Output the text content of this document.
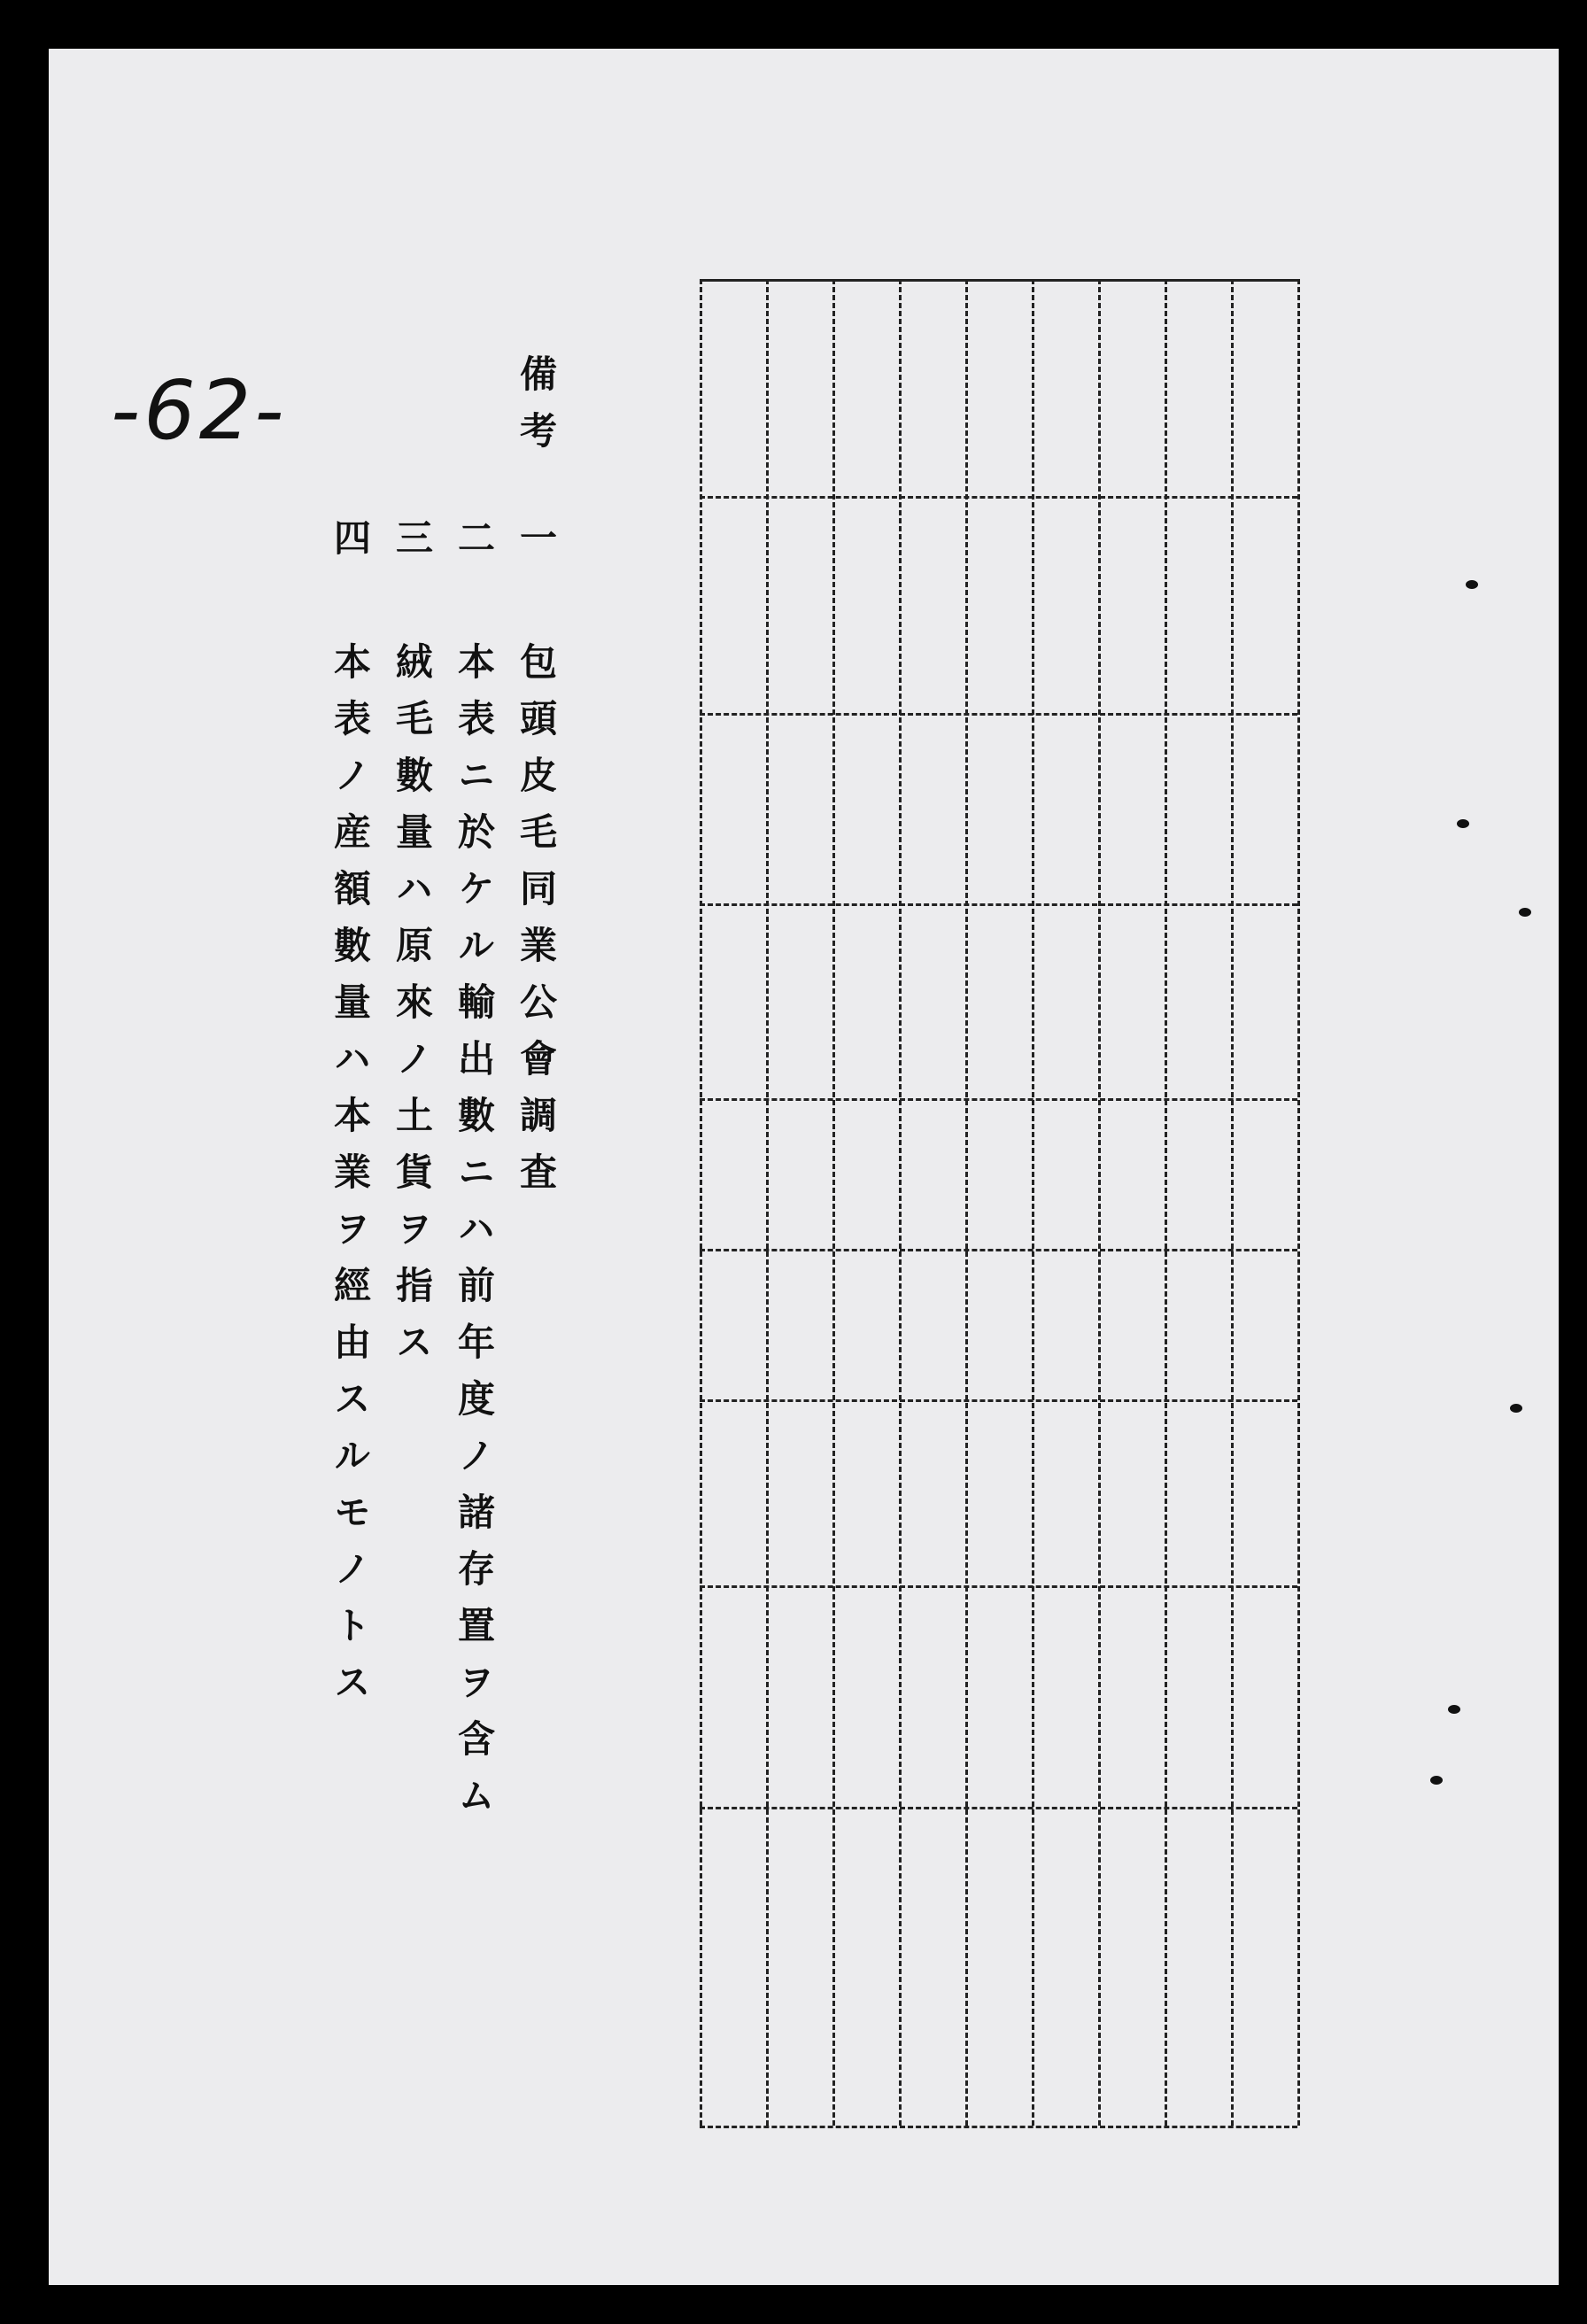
-62-	備考
一
包頭皮毛同業公會調査
二
本表ニ於ケル輸出數ニハ前年度ノ諸存置ヲ含ム
三
絨毛數量ハ原來ノ土貨ヲ指ス
四
本表ノ産額數量ハ本業ヲ經由スルモノトス
